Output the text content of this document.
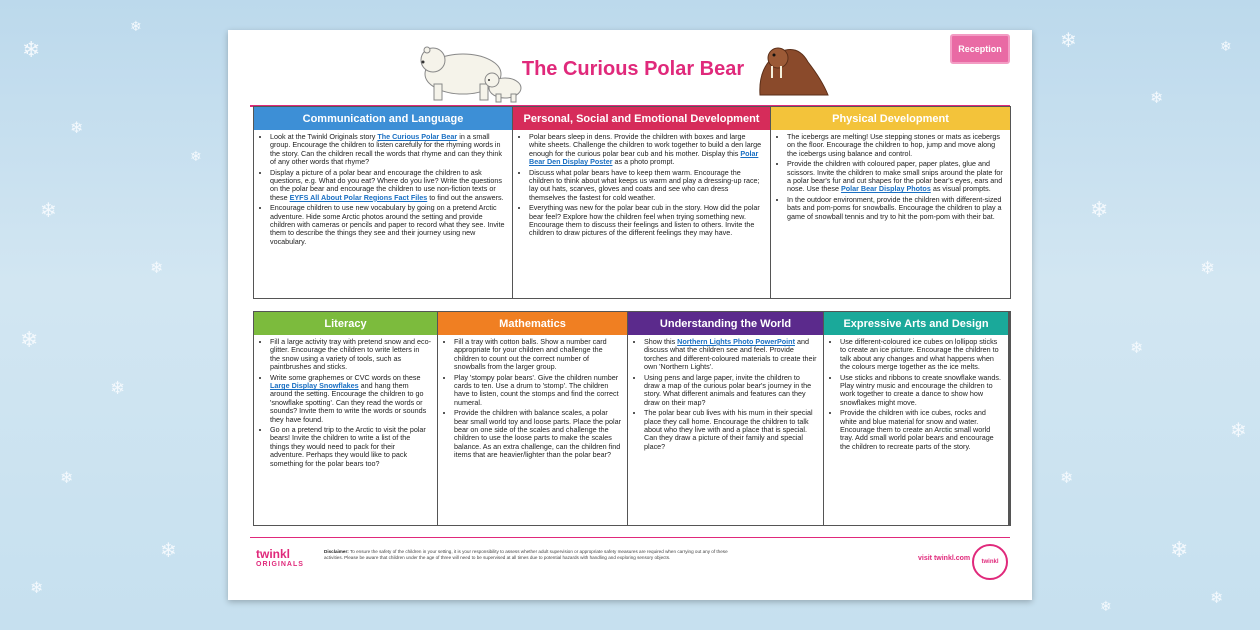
❄
❄
❄
❄
❄
❄
❄
❄
❄
❄
❄
❄
❄
❄
❄
❄
❄
❄
❄
❄
❄	❄
The Curious Polar Bear
Reception
Communication and Language
• Look at the Twinkl Originals story The Curious Polar Bear in a small group. Encourage the children to listen carefully for the rhyming words in the story. Can the children recall the words that rhyme and can they think of any other words that rhyme?
• Display a picture of a polar bear and encourage the children to ask questions, e.g. What do you eat? Where do you live? Write the questions on the polar bear and encourage the children to use non-fiction texts or these EYFS All About Polar Regions Fact Files to find out the answers.
• Encourage children to use new vocabulary by going on a pretend Arctic adventure. Hide some Arctic photos around the setting and provide children with cameras or pencils and paper to record what they see. Invite them to describe the things they see and their journey using new vocabulary.
Personal, Social and Emotional Development
• Polar bears sleep in dens. Provide the children with boxes and large white sheets. Challenge the children to work together to build a den large enough for the curious polar bear cub and his mother. Display this Polar Bear Den Display Poster as a photo prompt.
• Discuss what polar bears have to keep them warm. Encourage the children to think about what keeps us warm and play a dressing-up race; lay out hats, scarves, gloves and coats and see who can dress themselves the fastest for cold weather.
• Everything was new for the polar bear cub in the story. How did the polar bear feel? Explore how the children feel when trying something new. Encourage them to discuss their feelings and listen to others. Invite the children to draw pictures of the different feelings they may have.
Physical Development
• The icebergs are melting! Use stepping stones or mats as icebergs on the floor. Encourage the children to hop, jump and move along the icebergs using balance and control.
• Provide the children with coloured paper, paper plates, glue and scissors. Invite the children to make small snips around the plate for a polar bear's fur and cut shapes for the polar bear's eyes, ears and nose. Use these Polar Bear Display Photos as visual prompts.
• In the outdoor environment, provide the children with different-sized bats and pom-poms for snowballs. Encourage the children to play a game of snowball tennis and try to hit the pom-pom with their bat.
Literacy
• Fill a large activity tray with pretend snow and eco-glitter. Encourage the children to write letters in the snow using a variety of tools, such as paintbrushes and sticks.
• Write some graphemes or CVC words on these Large Display Snowflakes and hang them around the setting. Encourage the children to go 'snowflake spotting'. Can they read the words or sounds? Invite them to write the words or sounds they have found.
• Go on a pretend trip to the Arctic to visit the polar bears! Invite the children to write a list of the things they would need to pack for their adventure. Perhaps they would like to pack something for the polar bears too?
Mathematics
• Fill a tray with cotton balls. Show a number card appropriate for your children and challenge the children to count out the correct number of snowballs from the larger group.
• Play 'stompy polar bears'. Give the children number cards to ten. Use a drum to 'stomp'. The children have to listen, count the stomps and find the correct numeral.
• Provide the children with balance scales, a polar bear small world toy and loose parts. Place the polar bear on one side of the scales and challenge the children to use the loose parts to make the scales balance. As an extra challenge, can the children find items that are heavier/lighter than the polar bear?
Understanding the World
• Show this Northern Lights Photo PowerPoint and discuss what the children see and feel. Provide torches and different-coloured materials to create their own 'Northern Lights'.
• Using pens and large paper, invite the children to draw a map of the curious polar bear's journey in the story. What different animals and features can they draw on their map?
• The polar bear cub lives with his mum in their special place they call home. Encourage the children to talk about who they live with and a place that is special. Can they draw a picture of their family and special place?
Expressive Arts and Design
• Use different-coloured ice cubes on lollipop sticks to create an ice picture. Encourage the children to talk about any changes and what happens when the colours merge together as the ice melts.
• Use sticks and ribbons to create snowflake wands. Play wintry music and encourage the children to work together to create a dance to show how snowflakes might move.
• Provide the children with ice cubes, rocks and white and blue material for snow and water. Encourage them to create an Arctic small world tray. Add small world polar bears and encourage the children to recreate parts of the story.
twinkl
ORIGINALS
Disclaimer: To ensure the safety of the children in your setting, it is your responsibility to assess whether adult supervision or appropriate safety measures are required when carrying out any of these activities. Please be aware that children under the age of three will need to be supervised at all times due to potential hazards with handling and exploring sensory objects.	visit twinkl.com	twinkl
